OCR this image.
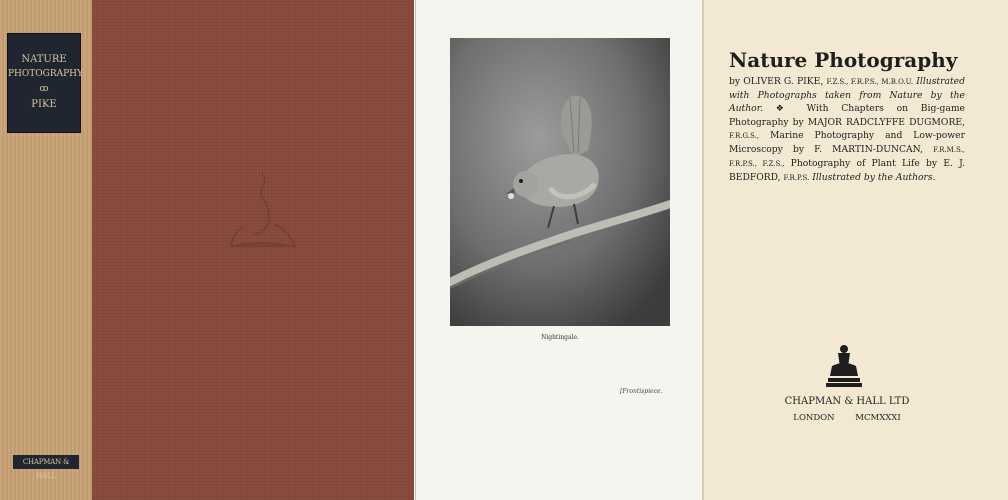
NATURE
PHOTOGRAPHY
ꝏ
PIKE
CHAPMAN & HALL
Nightingale.
[Frontispiece.
Nature Photography
by OLIVER G. PIKE, F.Z.S., F.R.P.S., M.B.O.U. Illustrated with Photographs taken from Nature by the Author. ❖ With Chapters on Big-game Photography by MAJOR RADCLYFFE DUGMORE, F.R.G.S., Marine Photography and Low-power Microscopy by F. MARTIN-DUNCAN, F.R.M.S., F.R.P.S., F.Z.S., Photography of Plant Life by E. J. BEDFORD, F.R.P.S. Illustrated by the Authors.
CHAPMAN & HALL LTD
LONDON MCMXXXI
